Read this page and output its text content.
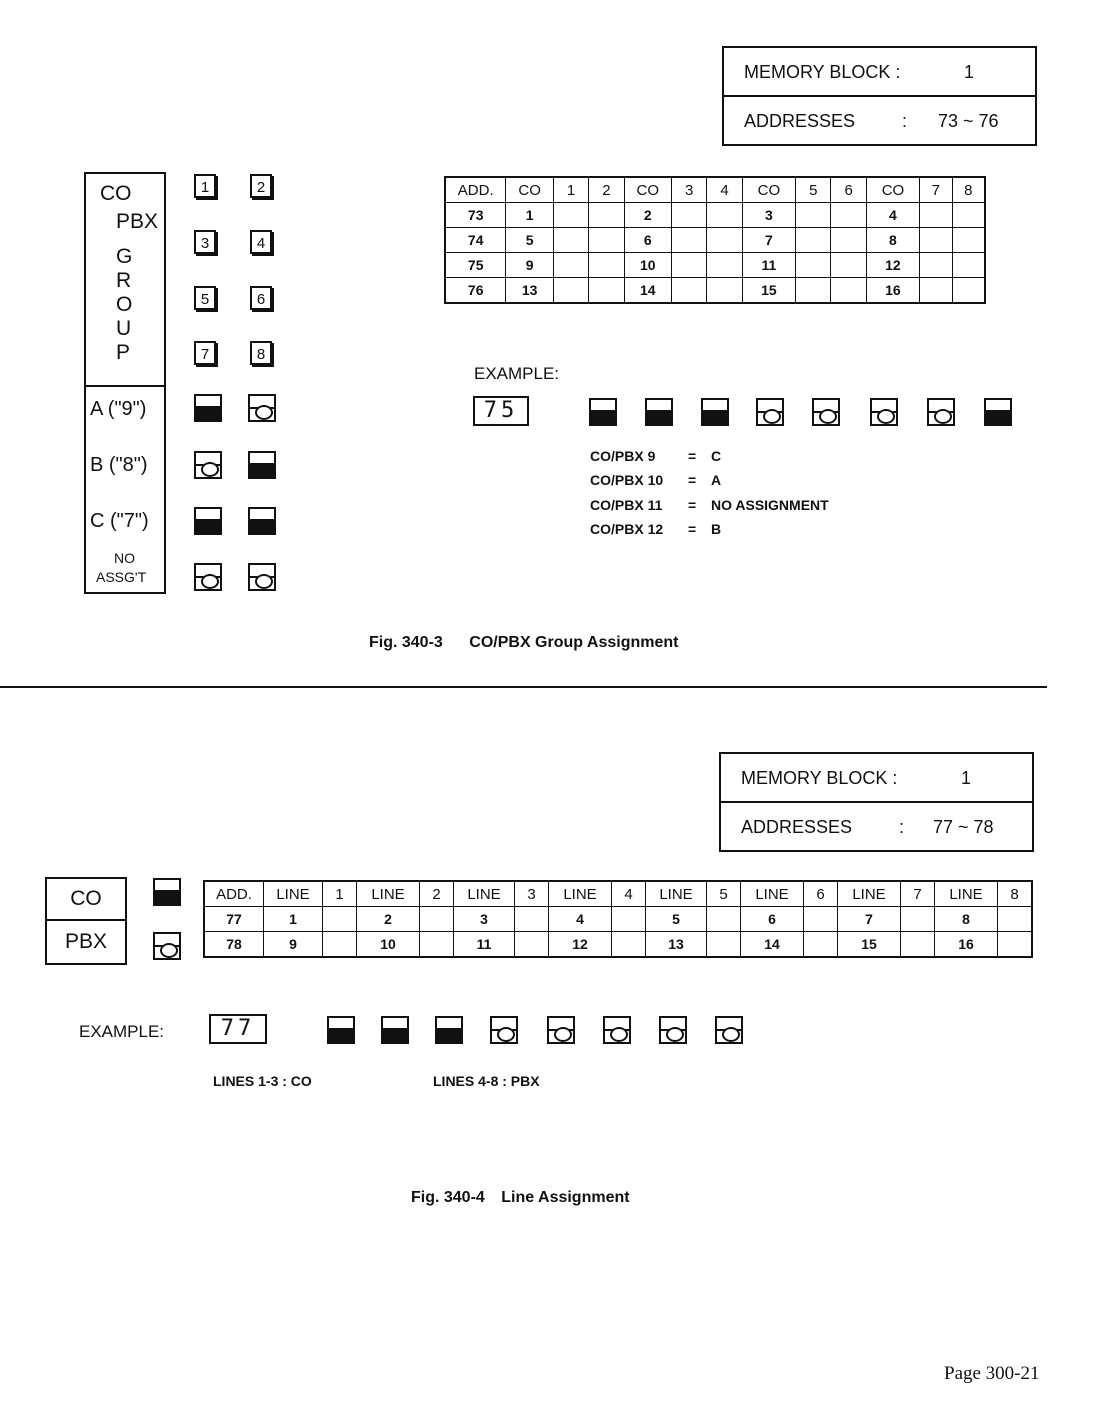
MEMORY BLOCK :	1
ADDRESSES	: 73 ~ 76
CO
PBX
G
R
O
U
P
A ("9")
B ("8")
C ("7")
NO
ASSG'T
1	2
3	4
5	6
7	8
ADD.	CO	1	2	CO	3	4	CO	5	6	CO	7	8
73	1			2			3			4		
74	5			6			7			8		
75	9			10			11			12		
76	13			14			15			16		
EXAMPLE:
75
CO/PBX 9 = C
CO/PBX 10 = A
CO/PBX 11 = NO ASSIGNMENT
CO/PBX 12 = B
Fig. 340-3 CO/PBX Group Assignment
MEMORY BLOCK :	1
ADDRESSES	: 77 ~ 78
CO
PBX
ADD.	LINE	1	LINE	2	LINE	3	LINE	4	LINE	5	LINE	6	LINE	7	LINE	8
77	1		2		3		4		5		6		7		8	
78	9		10		11		12		13		14		15		16	
EXAMPLE:	77
LINES 1-3 : CO	LINES 4-8 : PBX
Fig. 340-4 Line Assignment
Page 300-21
